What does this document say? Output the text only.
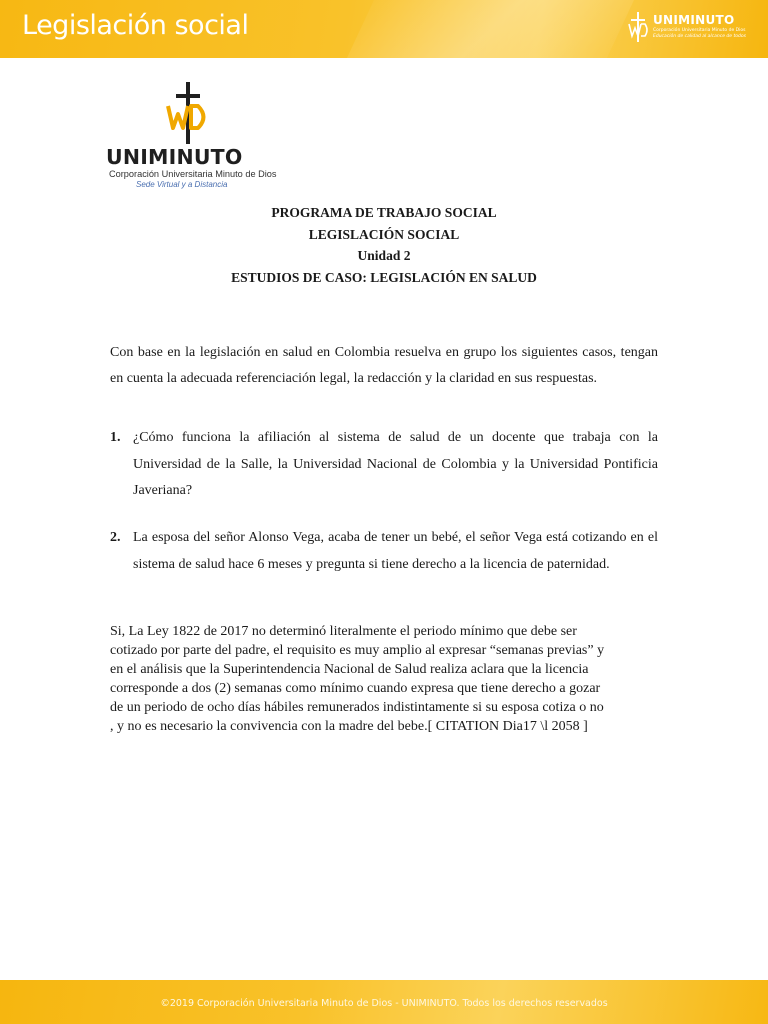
Legislación social	UNIMINUTO
Corporación Universitaria Minuto de Dios
Educación de calidad al alcance de todos
UNIMINUTO
Corporación Universitaria Minuto de Dios
Sede Virtual y a Distancia
PROGRAMA DE TRABAJO SOCIAL
LEGISLACIÓN SOCIAL
Unidad 2
ESTUDIOS DE CASO: LEGISLACIÓN EN SALUD
Con base en la legislación en salud en Colombia resuelva en grupo los siguientes casos, tengan en cuenta la adecuada referenciación legal, la redacción y la claridad en sus respuestas.
1. ¿Cómo funciona la afiliación al sistema de salud de un docente que trabaja con la Universidad de la Salle, la Universidad Nacional de Colombia y la Universidad Pontificia Javeriana?
2. La esposa del señor Alonso Vega, acaba de tener un bebé, el señor Vega está cotizando en el sistema de salud hace 6 meses y pregunta si tiene derecho a la licencia de paternidad.
Si, La Ley 1822 de 2017 no determinó literalmente el periodo mínimo que debe ser
cotizado por parte del padre, el requisito es muy amplio al expresar “semanas previas” y
en el análisis que la Superintendencia Nacional de Salud realiza aclara que la licencia
corresponde a dos (2) semanas como mínimo cuando expresa que tiene derecho a gozar
de un periodo de ocho días hábiles remunerados indistintamente si su esposa cotiza o no
, y no es necesario la convivencia con la madre del bebe.[ CITATION Dia17 \l 2058 ]
©2019 Corporación Universitaria Minuto de Dios - UNIMINUTO. Todos los derechos reservados
